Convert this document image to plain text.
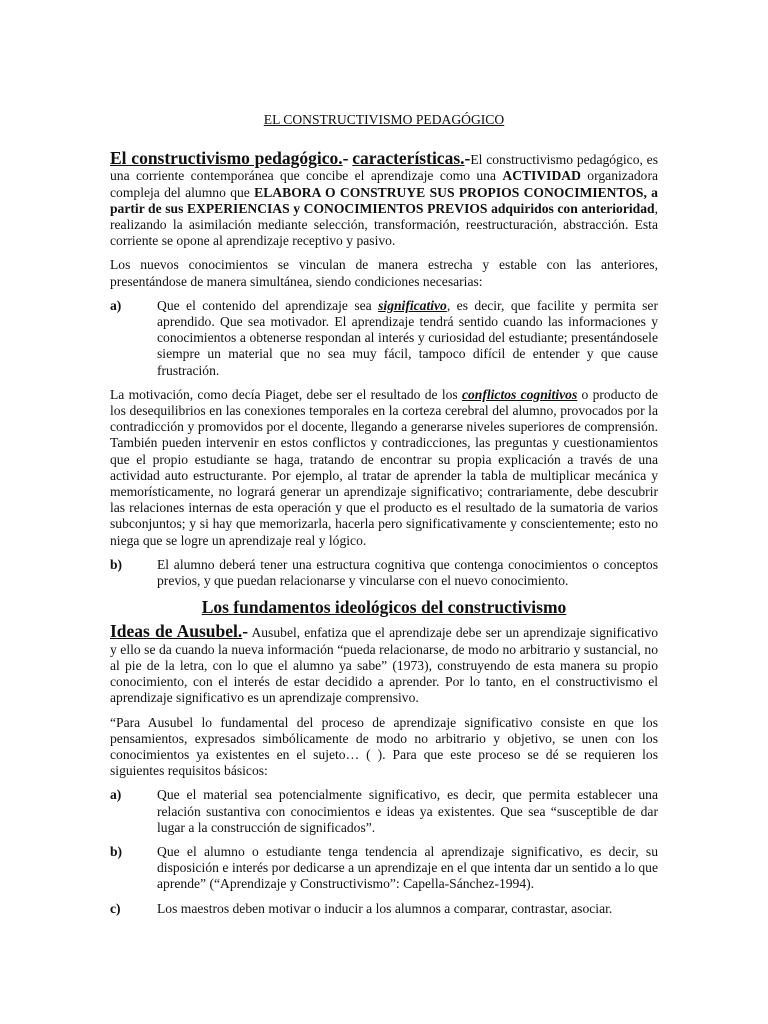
EL CONSTRUCTIVISMO PEDAGÓGICO

El constructivismo pedagógico.- características.-El constructivismo pedagógico, es una corriente contemporánea que concibe el aprendizaje como una ACTIVIDAD organizadora compleja del alumno que ELABORA O CONSTRUYE SUS PROPIOS CONOCIMIENTOS, a partir de sus EXPERIENCIAS y CONOCIMIENTOS PREVIOS adquiridos con anterioridad, realizando la asimilación mediante selección, transformación, reestructuración, abstracción. Esta corriente se opone al aprendizaje receptivo y pasivo.

Los nuevos conocimientos se vinculan de manera estrecha y estable con las anteriores, presentándose de manera simultánea, siendo condiciones necesarias:

a)	Que el contenido del aprendizaje sea significativo, es decir, que facilite y permita ser aprendido. Que sea motivador. El aprendizaje tendrá sentido cuando las informaciones y conocimientos a obtenerse respondan al interés y curiosidad del estudiante; presentándosele siempre un material que no sea muy fácil, tampoco difícil de entender y que cause frustración.

La motivación, como decía Piaget, debe ser el resultado de los conflictos cognitivos o producto de los desequilibrios en las conexiones temporales en la corteza cerebral del alumno, provocados por la contradicción y promovidos por el docente, llegando a generarse niveles superiores de comprensión. También pueden intervenir en estos conflictos y contradicciones, las preguntas y cuestionamientos que el propio estudiante se haga, tratando de encontrar su propia explicación a través de una actividad auto estructurante. Por ejemplo, al tratar de aprender la tabla de multiplicar mecánica y memorísticamente, no logrará generar un aprendizaje significativo; contrariamente, debe descubrir las relaciones internas de esta operación y que el producto es el resultado de la sumatoria de varios subconjuntos; y si hay que memorizarla, hacerla pero significativamente y conscientemente; esto no niega que se logre un aprendizaje real y lógico.

b)	El alumno deberá tener una estructura cognitiva que contenga conocimientos o conceptos previos, y que puedan relacionarse y vincularse con el nuevo conocimiento.
Los fundamentos ideológicos del constructivismo

Ideas de Ausubel.- Ausubel, enfatiza que el aprendizaje debe ser un aprendizaje significativo y ello se da cuando la nueva información “pueda relacionarse, de modo no arbitrario y sustancial, no al pie de la letra, con lo que el alumno ya sabe” (1973), construyendo de esta manera su propio conocimiento, con el interés de estar decidido a aprender. Por lo tanto, en el constructivismo el aprendizaje significativo es un aprendizaje comprensivo.

“Para Ausubel lo fundamental del proceso de aprendizaje significativo consiste en que los pensamientos, expresados simbólicamente de modo no arbitrario y objetivo, se unen con los conocimientos ya existentes en el sujeto… ( ). Para que este proceso se dé se requieren los siguientes requisitos básicos:

a)	Que el material sea potencialmente significativo, es decir, que permita establecer una relación sustantiva con conocimientos e ideas ya existentes. Que sea “susceptible de dar lugar a la construcción de significados”.
b)	Que el alumno o estudiante tenga tendencia al aprendizaje significativo, es decir, su disposición e interés por dedicarse a un aprendizaje en el que intenta dar un sentido a lo que aprende” (“Aprendizaje y Constructivismo”: Capella-Sánchez-1994).
c)	Los maestros deben motivar o inducir a los alumnos a comparar, contrastar, asociar.
